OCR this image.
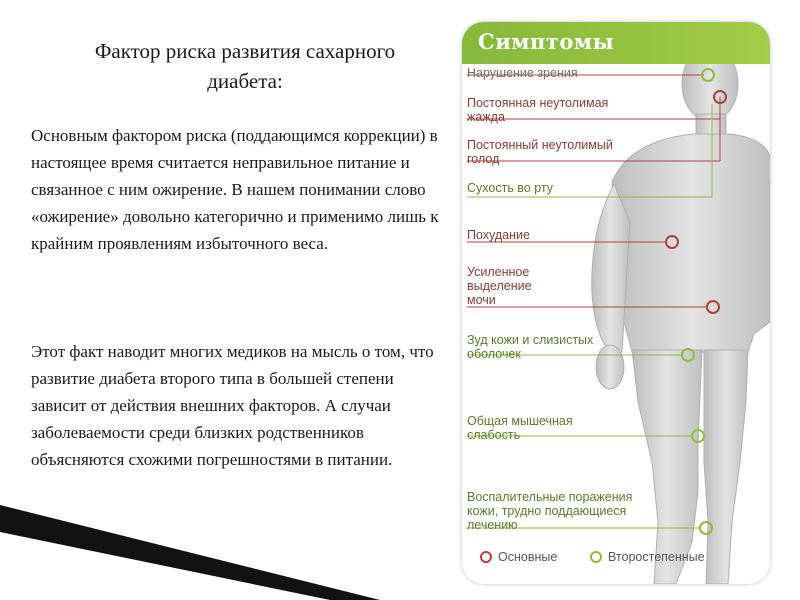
Фактор риска развития сахарного
диабета:

Основным фактором риска (поддающимся коррекции) в настоящее время считается неправильное питание и связанное с ним ожирение. В нашем понимании слово «ожирение» довольно категорично и применимо лишь к крайним проявлениям избыточного веса.

Этот факт наводит многих медиков на мысль о том, что развитие диабета второго типа в большей степени зависит от действия внешних факторов. А случаи заболеваемости среди близких родственников объясняются схожими погрешностями в питании.

Симптомы
Нарушение зрения
Постоянная неутолимая
жажда
Постоянный неутолимый
голод
Сухость во рту
Похудание
Усиленное
выделение
мочи
Зуд кожи и слизистых
оболочек
Общая мышечная
слабость
Воспалительные поражения
кожи, трудно поддающиеся
лечению
Основные	Второстепенные
